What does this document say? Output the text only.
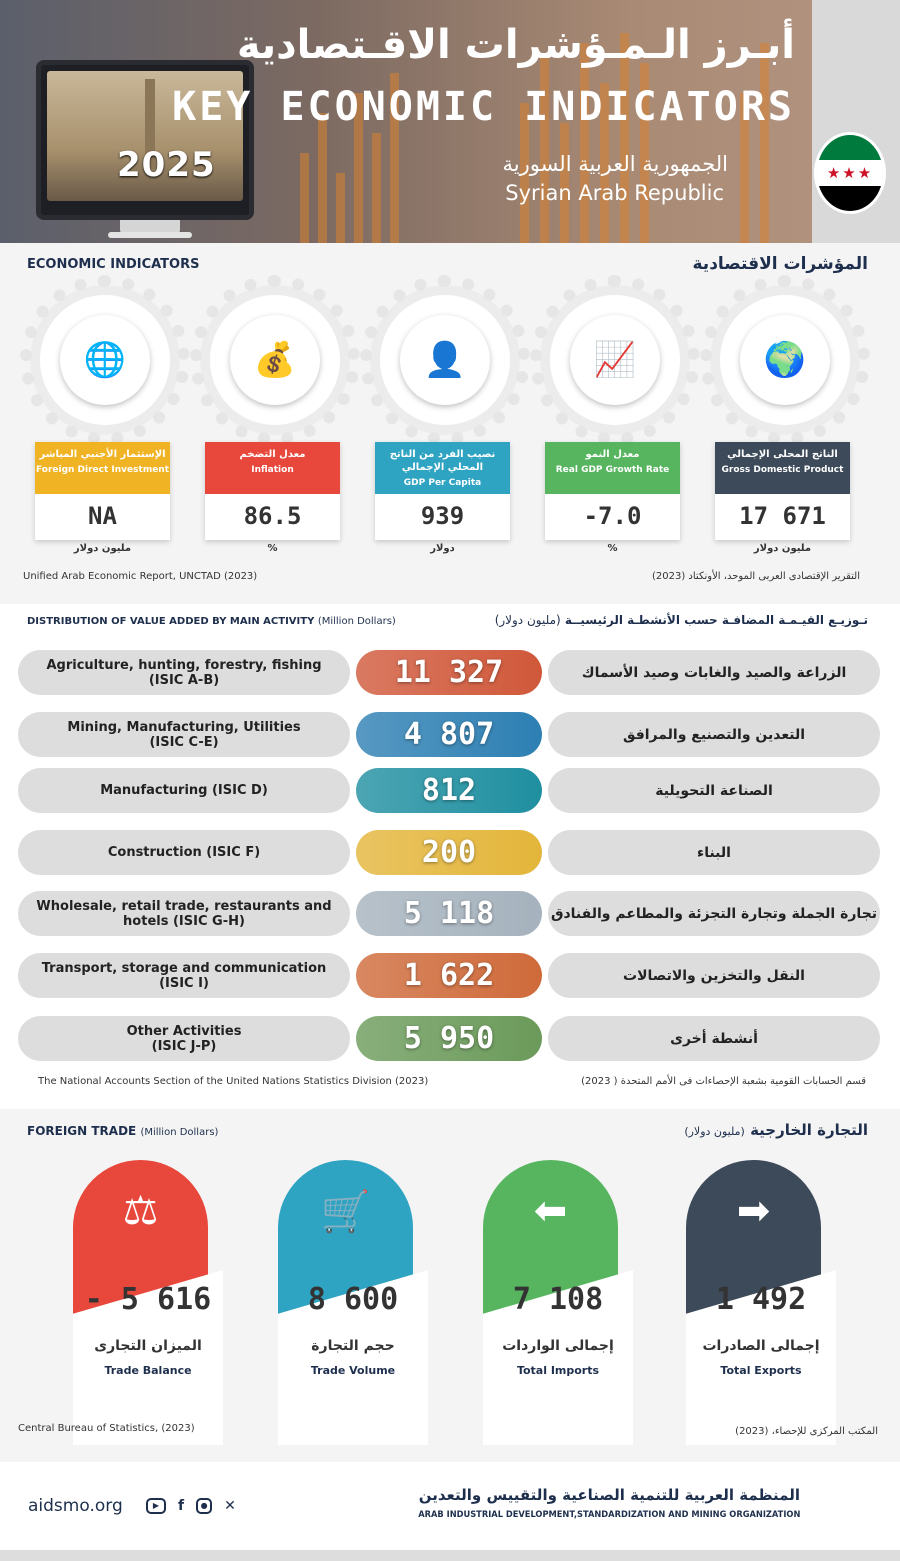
2025
أبـرز الـمـؤشرات الاقـتصادية
KEY ECONOMIC INDICATORS
الجمهورية العربية السورية
Syrian Arab Republic
★★★
ECONOMIC INDICATORS	المؤشرات الاقتصادية
🌐
الإستثمار الأجنبي المباشر
Foreign Direct Investment
NA
مليون دولار
💰
معدل التضخم
Inflation
86.5
%
👤
نصيب الفرد من الناتج المحلي الإجمالي
GDP Per Capita
939
دولار
📈
معدل النمو
Real GDP Growth Rate
-7.0
%
🌍
الناتج المحلى الإجمالي
Gross Domestic Product
17 671
مليون دولار
Unified Arab Economic Report, UNCTAD (2023)	التقرير الإقتصادى العربى الموحد، الأونكتاد (2023)
DISTRIBUTION OF VALUE ADDED BY MAIN ACTIVITY (Million Dollars)	تـوزيـع القيـمـة المضافـة حسب الأنشطـة الرئيسيــة (مليون دولار)
Agriculture, hunting, forestry, fishing
(ISIC A-B)	11 327	الزراعة والصيد والغابات وصيد الأسماك
Mining, Manufacturing, Utilities
(ISIC C-E)	4 807	التعدين والتصنيع والمرافق
Manufacturing (ISIC D)	812	الصناعة التحويلية
Construction (ISIC F)	200	البناء
Wholesale, retail trade, restaurants and
hotels (ISIC G-H)	5 118	تجارة الجملة وتجارة التجزئة والمطاعم والفنادق
Transport, storage and communication
(ISIC I)	1 622	النقل والتخزين والاتصالات
Other Activities
(ISIC J-P)	5 950	أنشطة أخرى
The National Accounts Section of the United Nations Statistics Division (2023)	قسم الحسابات القومية بشعبة الإحصاءات فى الأمم المتحدة ( 2023)
FOREIGN TRADE (Million Dollars)	التجارة الخارجية (مليون دولار)
⚖
- 5 616
الميزان التجارى
Trade Balance
🛒
8 600
حجم التجارة
Trade Volume
⬅
7 108
إجمالى الواردات
Total Imports
➡
1 492
إجمالى الصادرات
Total Exports
Central Bureau of Statistics, (2023)	المكتب المركزى للإحصاء، (2023)
aidsmo.org	▶	f	●	✕
المنظمة العربية للتنمية الصناعية والتقييس والتعدين
ARAB INDUSTRIAL DEVELOPMENT,STANDARDIZATION AND MINING ORGANIZATION
